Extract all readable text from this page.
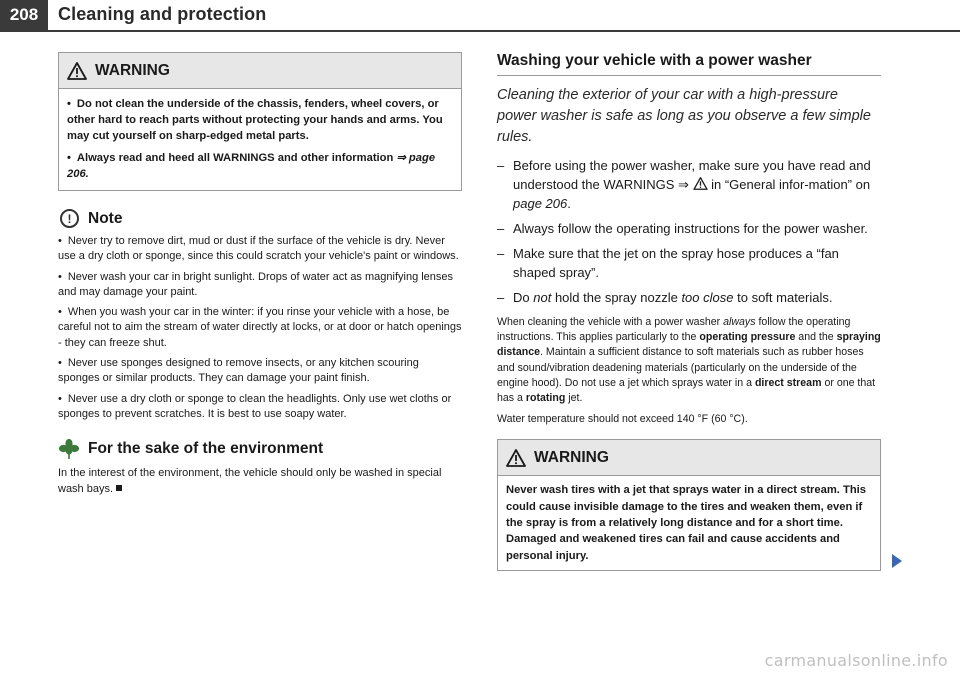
208	Cleaning and protection
WARNING

• Do not clean the underside of the chassis, fenders, wheel covers, or other hard to reach parts without protecting your hands and arms. You may cut yourself on sharp-edged metal parts.

• Always read and heed all WARNINGS and other information ⇒ page 206.

!	Note

• Never try to remove dirt, mud or dust if the surface of the vehicle is dry. Never use a dry cloth or sponge, since this could scratch your vehicle's paint or windows.

• Never wash your car in bright sunlight. Drops of water act as magnifying lenses and may damage your paint.

• When you wash your car in the winter: if you rinse your vehicle with a hose, be careful not to aim the stream of water directly at locks, or at door or hatch openings - they can freeze shut.

• Never use sponges designed to remove insects, or any kitchen scouring sponges or similar products. They can damage your paint finish.

• Never use a dry cloth or sponge to clean the headlights. Only use wet cloths or sponges to prevent scratches. It is best to use soapy water.

For the sake of the environment
In the interest of the environment, the vehicle should only be washed in special wash bays.
Washing your vehicle with a power washer
Cleaning the exterior of your car with a high-pressure power washer is safe as long as you observe a few simple rules.
– Before using the power washer, make sure you have read and understood the WARNINGS ⇒ in “General infor-mation” on page 206.
– Always follow the operating instructions for the power washer.
– Make sure that the jet on the spray hose produces a “fan shaped spray”.
– Do not hold the spray nozzle too close to soft materials.

When cleaning the vehicle with a power washer always follow the operating instructions. This applies particularly to the operating pressure and the spraying distance. Maintain a sufficient distance to soft materials such as rubber hoses and sound/vibration deadening materials (particularly on the underside of the engine hood). Do not use a jet which sprays water in a direct stream or one that has a rotating jet.

Water temperature should not exceed 140 °F (60 °C).

WARNING
Never wash tires with a jet that sprays water in a direct stream. This could cause invisible damage to the tires and weaken them, even if the spray is from a relatively long distance and for a short time. Damaged and weakened tires can fail and cause accidents and personal injury.
carmanualsonline.info
